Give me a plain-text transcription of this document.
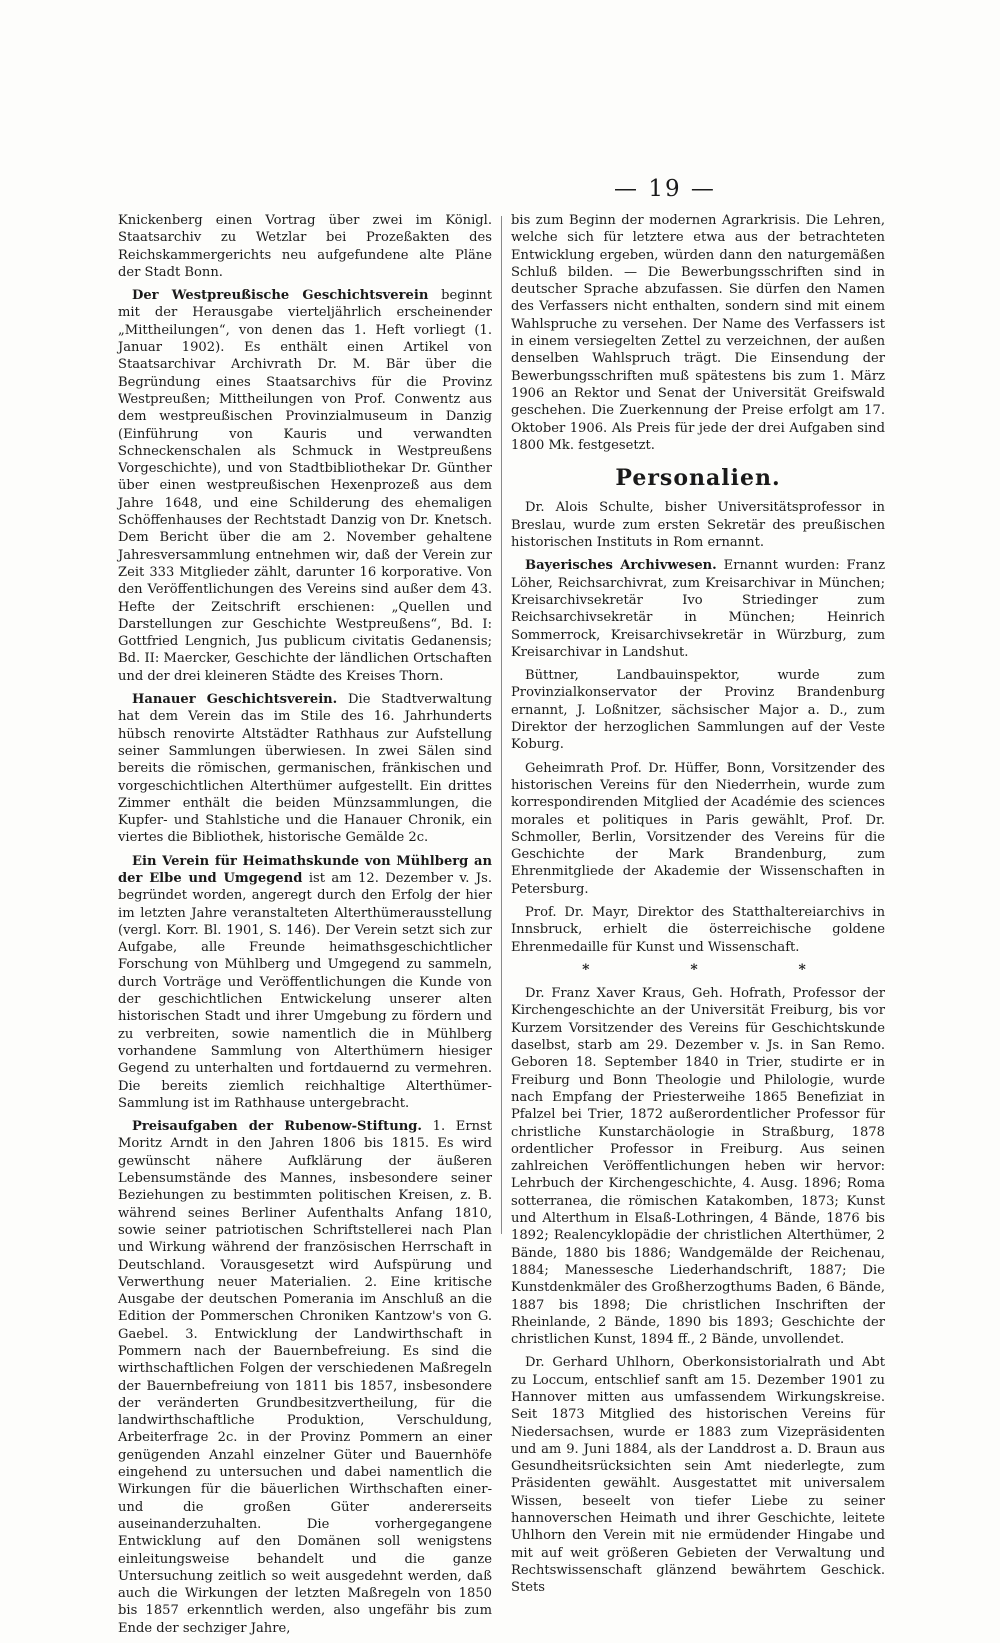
— 19 —

Knickenberg einen Vortrag über zwei im Königl. Staatsarchiv zu Wetzlar bei Prozeßakten des Reichskammergerichts neu aufgefundene alte Pläne der Stadt Bonn.

Der Westpreußische Geschichtsverein beginnt mit der Herausgabe vierteljährlich erscheinender „Mittheilungen“, von denen das 1. Heft vorliegt (1. Januar 1902). Es enthält einen Artikel von Staatsarchivar Archivrath Dr. M. Bär über die Begründung eines Staatsarchivs für die Provinz Westpreußen; Mittheilungen von Prof. Conwentz aus dem westpreußischen Provinzialmuseum in Danzig (Einführung von Kauris und verwandten Schneckenschalen als Schmuck in Westpreußens Vorgeschichte), und von Stadtbibliothekar Dr. Günther über einen westpreußischen Hexenprozeß aus dem Jahre 1648, und eine Schilderung des ehemaligen Schöffenhauses der Rechtstadt Danzig von Dr. Knetsch. Dem Bericht über die am 2. November gehaltene Jahresversammlung entnehmen wir, daß der Verein zur Zeit 333 Mitglieder zählt, darunter 16 korporative. Von den Veröffentlichungen des Vereins sind außer dem 43. Hefte der Zeitschrift erschienen: „Quellen und Darstellungen zur Geschichte Westpreußens“, Bd. I: Gottfried Lengnich, Jus publicum civitatis Gedanensis; Bd. II: Maercker, Geschichte der ländlichen Ortschaften und der drei kleineren Städte des Kreises Thorn.

Hanauer Geschichtsverein. Die Stadtverwaltung hat dem Verein das im Stile des 16. Jahrhunderts hübsch renovirte Altstädter Rathhaus zur Aufstellung seiner Sammlungen überwiesen. In zwei Sälen sind bereits die römischen, germanischen, fränkischen und vorgeschichtlichen Alterthümer aufgestellt. Ein drittes Zimmer enthält die beiden Münzsammlungen, die Kupfer- und Stahlstiche und die Hanauer Chronik, ein viertes die Bibliothek, historische Gemälde 2c.

Ein Verein für Heimathskunde von Mühlberg an der Elbe und Umgegend ist am 12. Dezember v. Js. begründet worden, angeregt durch den Erfolg der hier im letzten Jahre veranstalteten Alterthümerausstellung (vergl. Korr. Bl. 1901, S. 146). Der Verein setzt sich zur Aufgabe, alle Freunde heimathsgeschichtlicher Forschung von Mühlberg und Umgegend zu sammeln, durch Vorträge und Veröffentlichungen die Kunde von der geschichtlichen Entwickelung unserer alten historischen Stadt und ihrer Umgebung zu fördern und zu verbreiten, sowie namentlich die in Mühlberg vorhandene Sammlung von Alterthümern hiesiger Gegend zu unterhalten und fortdauernd zu vermehren. Die bereits ziemlich reichhaltige Alterthümer-Sammlung ist im Rathhause untergebracht.

Preisaufgaben der Rubenow-Stiftung. 1. Ernst Moritz Arndt in den Jahren 1806 bis 1815. Es wird gewünscht nähere Aufklärung der äußeren Lebensumstände des Mannes, insbesondere seiner Beziehungen zu bestimmten politischen Kreisen, z. B. während seines Berliner Aufenthalts Anfang 1810, sowie seiner patriotischen Schriftstellerei nach Plan und Wirkung während der französischen Herrschaft in Deutschland. Vorausgesetzt wird Aufspürung und Verwerthung neuer Materialien. 2. Eine kritische Ausgabe der deutschen Pomerania im Anschluß an die Edition der Pommerschen Chroniken Kantzow's von G. Gaebel. 3. Entwicklung der Landwirthschaft in Pommern nach der Bauernbefreiung. Es sind die wirthschaftlichen Folgen der verschiedenen Maßregeln der Bauernbefreiung von 1811 bis 1857, insbesondere der veränderten Grundbesitzvertheilung, für die landwirthschaftliche Produktion, Verschuldung, Arbeiterfrage 2c. in der Provinz Pommern an einer genügenden Anzahl einzelner Güter und Bauernhöfe eingehend zu untersuchen und dabei namentlich die Wirkungen für die bäuerlichen Wirthschaften einer- und die großen Güter andererseits auseinanderzuhalten. Die vorhergegangene Entwicklung auf den Domänen soll wenigstens einleitungsweise behandelt und die ganze Untersuchung zeitlich so weit ausgedehnt werden, daß auch die Wirkungen der letzten Maßregeln von 1850 bis 1857 erkenntlich werden, also ungefähr bis zum Ende der sechziger Jahre,

bis zum Beginn der modernen Agrarkrisis. Die Lehren, welche sich für letztere etwa aus der betrachteten Entwicklung ergeben, würden dann den naturgemäßen Schluß bilden. — Die Bewerbungsschriften sind in deutscher Sprache abzufassen. Sie dürfen den Namen des Verfassers nicht enthalten, sondern sind mit einem Wahlspruche zu versehen. Der Name des Verfassers ist in einem versiegelten Zettel zu verzeichnen, der außen denselben Wahlspruch trägt. Die Einsendung der Bewerbungsschriften muß spätestens bis zum 1. März 1906 an Rektor und Senat der Universität Greifswald geschehen. Die Zuerkennung der Preise erfolgt am 17. Oktober 1906. Als Preis für jede der drei Aufgaben sind 1800 Mk. festgesetzt.

Personalien.

Dr. Alois Schulte, bisher Universitätsprofessor in Breslau, wurde zum ersten Sekretär des preußischen historischen Instituts in Rom ernannt.

Bayerisches Archivwesen. Ernannt wurden: Franz Löher, Reichsarchivrat, zum Kreisarchivar in München; Kreisarchivsekretär Ivo Striedinger zum Reichsarchivsekretär in München; Heinrich Sommerrock, Kreisarchivsekretär in Würzburg, zum Kreisarchivar in Landshut.

Büttner, Landbauinspektor, wurde zum Provinzialkonservator der Provinz Brandenburg ernannt, J. Loßnitzer, sächsischer Major a. D., zum Direktor der herzoglichen Sammlungen auf der Veste Koburg.

Geheimrath Prof. Dr. Hüffer, Bonn, Vorsitzender des historischen Vereins für den Niederrhein, wurde zum korrespondirenden Mitglied der Académie des sciences morales et politiques in Paris gewählt, Prof. Dr. Schmoller, Berlin, Vorsitzender des Vereins für die Geschichte der Mark Brandenburg, zum Ehrenmitgliede der Akademie der Wissenschaften in Petersburg.

Prof. Dr. Mayr, Direktor des Statthaltereiarchivs in Innsbruck, erhielt die österreichische goldene Ehrenmedaille für Kunst und Wissenschaft.

* * *

Dr. Franz Xaver Kraus, Geh. Hofrath, Professor der Kirchengeschichte an der Universität Freiburg, bis vor Kurzem Vorsitzender des Vereins für Geschichtskunde daselbst, starb am 29. Dezember v. Js. in San Remo. Geboren 18. September 1840 in Trier, studirte er in Freiburg und Bonn Theologie und Philologie, wurde nach Empfang der Priesterweihe 1865 Benefiziat in Pfalzel bei Trier, 1872 außerordentlicher Professor für christliche Kunstarchäologie in Straßburg, 1878 ordentlicher Professor in Freiburg. Aus seinen zahlreichen Veröffentlichungen heben wir hervor: Lehrbuch der Kirchengeschichte, 4. Ausg. 1896; Roma sotterranea, die römischen Katakomben, 1873; Kunst und Alterthum in Elsaß-Lothringen, 4 Bände, 1876 bis 1892; Realencyklopädie der christlichen Alterthümer, 2 Bände, 1880 bis 1886; Wandgemälde der Reichenau, 1884; Manessesche Liederhandschrift, 1887; Die Kunstdenkmäler des Großherzogthums Baden, 6 Bände, 1887 bis 1898; Die christlichen Inschriften der Rheinlande, 2 Bände, 1890 bis 1893; Geschichte der christlichen Kunst, 1894 ff., 2 Bände, unvollendet.

Dr. Gerhard Uhlhorn, Oberkonsistorialrath und Abt zu Loccum, entschlief sanft am 15. Dezember 1901 zu Hannover mitten aus umfassendem Wirkungskreise. Seit 1873 Mitglied des historischen Vereins für Niedersachsen, wurde er 1883 zum Vizepräsidenten und am 9. Juni 1884, als der Landdrost a. D. Braun aus Gesundheitsrücksichten sein Amt niederlegte, zum Präsidenten gewählt. Ausgestattet mit universalem Wissen, beseelt von tiefer Liebe zu seiner hannoverschen Heimath und ihrer Geschichte, leitete Uhlhorn den Verein mit nie ermüdender Hingabe und mit auf weit größeren Gebieten der Verwaltung und Rechtswissenschaft glänzend bewährtem Geschick. Stets
